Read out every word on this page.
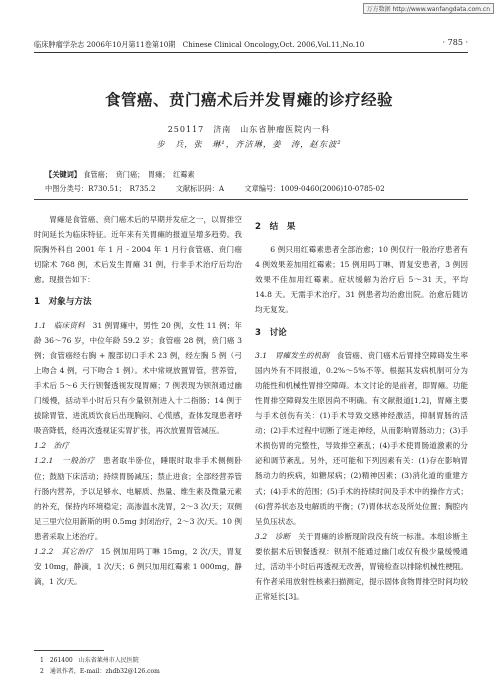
万方数据 http://www.wanfangdata.com.cn
临床肿瘤学杂志 2006年10月第11卷第10期　Chinese Clinical Oncology,Oct. 2006,Vol.11,No.10	· 785 ·
食管癌、贲门癌术后并发胃瘫的诊疗经验
250117　济南　山东省肿瘤医院内一科
步　兵，张　琳¹，齐洁琳，姜　涛，赵东波²
【关键词】 食管癌；　贲门癌；　胃瘫；　红霉素
中图分类号：R730.51；　R735.2	文献标识码：A	文章编号：1009-0460(2006)10-0785-02

胃瘫是食管癌、贲门癌术后的早期并发症之一，以胃排空时间延长为临床特征。近年来有关胃瘫的报道呈增多趋势。我院胸外科自 2001 年 1 月 - 2004 年 1 月行食管癌、贲门癌切除术 768 例，术后发生胃瘫 31 例，行非手术治疗后均治愈。现报告如下：

1　对象与方法

1.1　临床资料　31 例胃瘫中，男性 20 例，女性 11 例；年龄 36～76 岁，中位年龄 59.2 岁；食管癌 28 例，贲门癌 3 例；食管癌经右胸 + 腹部切口手术 23 例，经左胸 5 例（弓上吻合 4 例，弓下吻合 1 例）。术中常规放置胃管，营养管，手术后 5～6 天行钡餐透视发现胃瘫；7 例表现为钡剂通过幽门缓慢，括动半小时后只有少量钡剂进入十二指肠；14 例于拔除胃管、进流质饮食后出现胸闷、心慌感，查体发现患者呼吸音降低，经再次透视证实胃扩张，再次放置胃管减压。

1.2　治疗

1.2.1　一般治疗　患者取半卧位，睡眠时取非手术侧侧卧位；鼓励下床活动；持续胃肠减压；禁止进食；全部经营养管行肠内营养，予以足够水、电解质、热量、维生素及微量元素的补充，保持内环境稳定；高渗温水洗胃，2～3 次/天；双侧足三里穴位用新斯的明 0.5mg 封闭治疗，2～3 次/天。10 例患者采取上述治疗。

1.2.2　其它治疗　15 例加用吗丁啉 15mg，2 次/天，胃复安 10mg，静滴，1 次/天；6 例只加用红霉素 1 000mg，静滴，1 次/天。

2　结　果

6 例只用红霉素患者全部治愈；10 例仅行一般治疗患者有 4 例效果差加用红霉素；15 例用吗丁啉、胃复安患者，3 例因效果不佳加用红霉素。症状缓解为治疗后 5～31 天，平均 14.8 天。无需手术治疗。31 例患者均治愈出院。治愈后随访均无复发。

3　讨论

3.1　胃瘫发生的机制　食管癌、贲门癌术后胃排空障碍发生率国内外有不同报道，0.2%～5%不等。根据其发病机制可分为功能性和机械性胃排空障碍。本文讨论的是前者，即胃瘫。功能性胃排空障碍发生原因尚不明确。有文献报道[1,2]，胃瘫主要与手术创伤有关：(1)手术导致交感神经激活，抑制胃肠的活动；(2)手术过程中切断了迷走神经，从而影响胃肠动力；(3)手术损伤胃的完整性，导致排空紊乱；(4)手术使胃肠道激素的分泌和调节紊乱。另外，还可能和下列因素有关：(1)存在影响胃肠动力的疾病，如糖尿病；(2)精神因素；(3)消化道的重建方式；(4)手术的范围；(5)手术的持续时间及手术中的操作方式；(6)营养状态及电解质的平衡；(7)胃体状态及所处位置；胸腔内呈负压状态。

3.2　诊断　关于胃瘫的诊断现阶段没有统一标准。本组诊断主要依据术后钡餐透视：钡剂不能通过幽门或仅有极少量缓慢通过，活动半小时后再透视无改善，胃镜检查以排除机械性梗阻。有作者采用放射性核素扫描测定，提示固体食物胃排空时间均较正常延长[3]。

1　261400　山东省莱州市人民医院
2　通讯作者，E-mail：zhdb32@126.com
